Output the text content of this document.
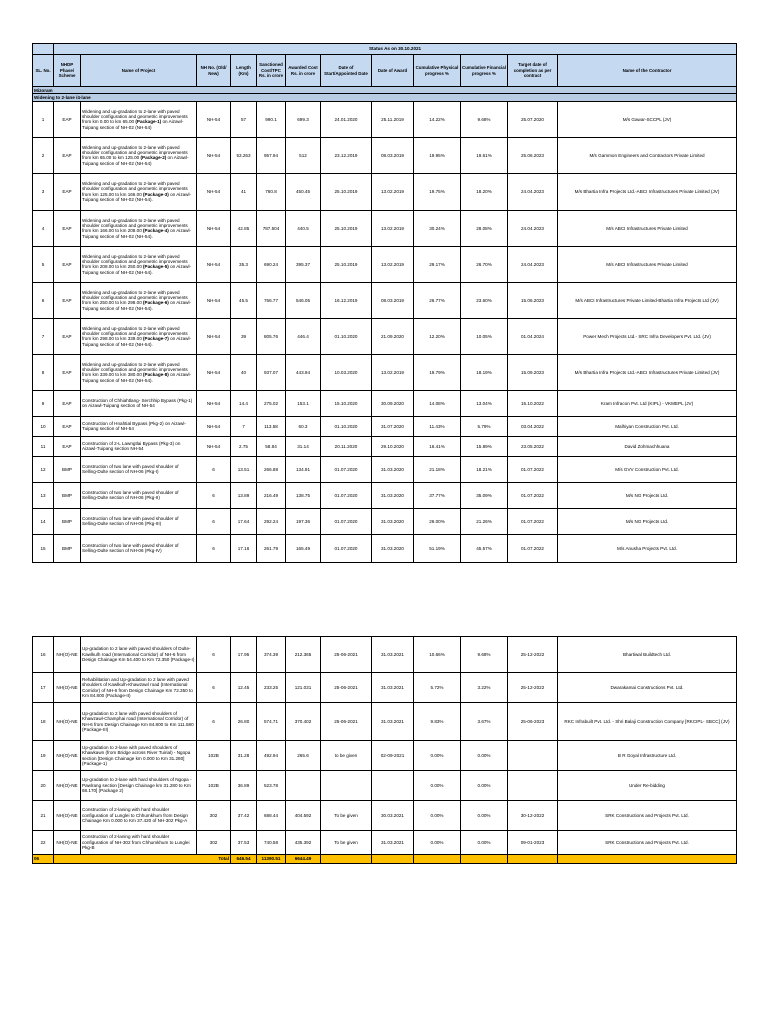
	Status As on 30.10.2021											
SL. No.	NHDP Phase/ Scheme	Name of Project	NH No. (Old/ New)	Length (Km)	Sanctioned Cost/TPC Rs. in crore	Awarded Cost Rs. in crore	Date of Start/Appointed Date	Date of Award	Cumulative Physical progress %	Cumulative Financial progress %	Target date of completion as per contract	Name of the Contractor
Mizoram												
Widening to 2-lane /4-lane												
1	EAP	Widening and up-gradation to 2-lane with paved shoulder configuration and geometric improvements from km 0.00 to km 65.00 (Package-1) on Aizawl-Tuipang section of NH-02 (NH-54)	NH-54	57	990.1	699.3	24.01.2020	25.11.2019	14.22%	9.68%	25.07.2020	M/s Gawar-SCCPL (JV)
2	EAP	Widening and up-gradation to 2-lane with paved shoulder configuration and geometric improvements from km 65.00 to km 125.00 (Package-2) on Aizawl-Tuipang section of NH-02 (NH-54)	NH-54	53.263	957.94	512	23.12.2019	08.03.2019	19.95%	19.61%	25.06.2023	M/s Gammon Engineers and Contractors Private Limited
3	EAP	Widening and up-gradation to 2-lane with paved shoulder configuration and geometric improvements from km 125.00 to km 166.00 (Package-3) on Aizawl-Tuipang section of NH-02 (NH-54).	NH-54	41	760.8	450.45	25.10.2019	13.02.2019	19.75%	18.20%	24.04.2023	M/s Bhartia Infra Projects Ltd.-ABCI Infrastructures Private Limited (JV)
4	EAP	Widening and up-gradation to 2-lane with paved shoulder configuration and geometric improvements from km 166.00 to km 208.00 (Package-4) on Aizawl-Tuipang section of NH-02 (NH-54).	NH-54	42.85	787.504	440.5	25.10.2019	13.02.2019	30.24%	28.08%	24.04.2023	M/s ABCI Infrastructures Private Limited
5	EAP	Widening and up-gradation to 2-lane with paved shoulder configuration and geometric improvements from km 208.00 to km 250.00 (Package-5) on Aizawl-Tuipang section of NH-02 (NH-54).	NH-54	35.3	690.24	395.37	25.10.2019	13.02.2019	29.17%	26.70%	24.04.2023	M/s ABCI Infrastructures Private Limited
6	EAP	Widening and up-gradation to 2-lane with paved shoulder configuration and geometric improvements from km 250.00 to km 298.00 (Package-6) on Aizawl-Tuipang section of NH-02 (NH-54).	NH-54	45.5	766.77	546.05	16.12.2019	08.03.2019	26.77%	23.60%	15.06.2023	M/s ABCI Infrastructures Private Limited-Bhartia Infra Projects Ltd (JV)
7	EAP	Widening and up-gradation to 2-lane with paved shoulder configuration and geometric improvements from km 298.00 to km 339.00 (Package-7) on Aizawl-Tuipang section of NH-02 (NH-54).	NH-54	39	805.76	446.4	01.10.2020	21.09.2020	12.20%	10.05%	01.04.2024	Power Mech Projects Ltd.- SRC Infra Developers Pvt. Ltd. (JV)
8	EAP	Widening and up-gradation to 2-lane with paved shoulder configuration and geometric improvements from km 339.00 to km 380.00 (Package-8) on Aizawl-Tuipang section of NH-02 (NH-54).	NH-54	40	937.07	443.94	10.03.2020	13.02.2019	19.79%	18.19%	15.09.2023	M/s Bhartia Infra Projects Ltd.-ABCI Infrastructures Private Limited (JV)
9	EAP	Construction of Chhiahtlang- Serchhip Bypass (Pkg-1) on Aizawl-Tuipang section of NH-54	NH-54	14.4	275.02	153.1	15.10.2020	30.09.2020	14.08%	13.04%	15.10.2022	Kram Infracon Pvt. Ltd (KIPL) - VKMEPL (JV)
10	EAP	Construction of Hnahtial Bypass (Pkg-2) on Aizawl-Tuipang section of NH-54	NH-54	7	113.58	60.3	01.10.2020	31.07.2020	11.43%	5.79%	03.04.2022	Malhiyan Construction Pvt. Ltd.
11	EAP	Construction of 2-L Lawngtlai Bypass (Pkg-3) on Aizawl-Tuipang section NH-54	NH-54	2.75	58.84	31.14	20.11.2020	29.10.2020	16.41%	15.89%	23.05.2022	David Zohmachhuana
12	BMP	Construction of two lane with paved shoulder of Selling-Dulte section of NH-06 (Pkg-I)	6	13.51	266.88	134.91	01.07.2020	31.03.2020	21.18%	18.21%	01.07.2022	M/s GVV Construction Pvt. Ltd.
13	BMP	Construction of two lane with paved shoulder of Selling-Dulte section of NH-06 (Pkg-II)	6	13.89	216.49	138.75	01.07.2020	31.03.2020	37.77%	35.09%	01.07.2022	M/s NG Projects Ltd.
14	BMP	Construction of two lane with paved shoulder of Selling-Dulte section of NH-06 (Pkg-III)	6	17.64	292.24	197.36	01.07.2020	31.03.2020	26.00%	21.26%	01.07.2022	M/s NG Projects Ltd.
15	BMP	Construction of two lane with paved shoulder of Selling-Dulte section of NH-06 (Pkg-IV)	6	17.16	261.79	165.49	01.07.2020	31.03.2020	51.19%	45.57%	01.07.2022	M/s Anusha Projects Pvt. Ltd.
16	NH(O)-NE	Up-gradation to 2 lane with paved shoulders of Dulte-Kawlkulh road (International Corridor) of NH-6 from Design Chainage Km 54.400 to Km 72.350 (Package-I)	6	17.95	374.39	212.365	25-06-2021	31.03.2021	10.66%	9.68%	25-12-2022	Bhartiwal Buildtech Ltd.
17	NH(O)-NE	Rehabilitation and Up-gradation to 2 lane with paved shoulders of Kawlkulh-Khawzawl road (International Corridor) of NH-6 from Design Chainage Km 72.350 to Km 84.800 (Package-II)	6	12.45	233.25	121.031	25-06-2021	31.03.2021	5.72%	3.22%	25-12-2022	Dwarakamai Constructions Pvt. Ltd.
18	NH(O)-NE	Up-gradation to 2 lane with paved shoulders of Khawzawl-Champhai road (International Corridor) of NH-6 from Design Chainage Km 84.800 to Km 111.580 (Package-III)	6	26.80	574.71	370.402	25-06-2021	31.03.2021	9.83%	3.67%	25-06-2023	RKC Infrabuilt Pvt. Ltd. - Shri Balaji Construction Company [RKCIPL- SBCC] (JV)
19	NH(O)-NE	Up-gradation to 2-lane with paved shoulders of Khawkawn (from Bridge across River Tuirial) - Ngopa section [Design Chainage km 0.000 to Km 31.280] (Package-1)	102B	31.28	492.94	265.6	to be given	02-09-2021	0.00%	0.00%		B R Goyal Infrastructure Ltd.
20	NH(O)-NE	Up-gradation to 2-lane with hard shoulders of Ngopa - Pawlrang section [Design Chainage km 31.280 to Km 68.170] (Package 2)	102B	36.89	523.78				0.00%	0.00%		Under Re-bidding
21	NH(O)-NE	Construction of 2-laning with hard shoulder configuration of Lunglei to Chhumkhum from Design Chainage Km 0.000 to Km 37.420 of NH-302 Pkg-A	302	37.42	688.44	404.592	To be given	30.03.2021	0.00%	0.00%	30-12-2022	SRK Constructions and Projects Pvt. Ltd.
22	NH(O)-NE	Construction of 2-laning with hard shoulder configuration of NH-302 from Chhumkhum to Lunglei Pkg-B	302	37.53	740.58	435.392	To be given	31.03.2021	0.00%	0.00%	09-01-2023	SRK Constructions and Projects Pvt. Ltd.
06	Total			646.54	11390.51	6644.49						
